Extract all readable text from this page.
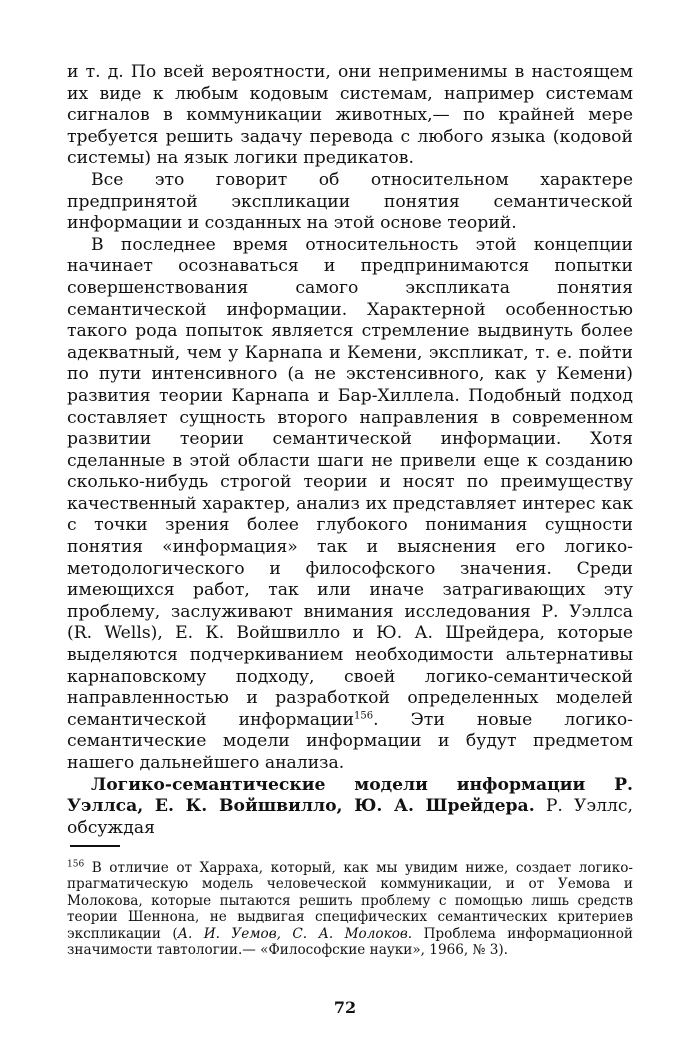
и т. д. По всей вероятности, они неприменимы в настоящем их виде к любым кодовым системам, например системам сигналов в коммуникации животных,— по крайней мере требуется решить задачу перевода с любого языка (кодовой системы) на язык логики предикатов.

Все это говорит об относительном характере предпринятой экспликации понятия семантической информации и созданных на этой основе теорий.

В последнее время относительность этой концепции начинает осознаваться и предпринимаются попытки совершенствования самого экспликата понятия семантической информации. Характерной особенностью такого рода попыток является стремление выдвинуть более адекватный, чем у Карнапа и Кемени, экспликат, т. е. пойти по пути интенсивного (а не экстенсивного, как у Кемени) развития теории Карнапа и Бар-Хиллела. Подобный подход составляет сущность второго направления в современном развитии теории семантической информации. Хотя сделанные в этой области шаги не привели еще к созданию сколько-нибудь строгой теории и носят по преимуществу качественный характер, анализ их представляет интерес как с точки зрения более глубокого понимания сущности понятия «информация» так и выяснения его логико-методологического и философского значения. Среди имеющихся работ, так или иначе затрагивающих эту проблему, заслуживают внимания исследования Р. Уэллса (R. Wells), Е. К. Войшвилло и Ю. А. Шрейдера, которые выделяются подчеркиванием необходимости альтернативы карнаповскому подходу, своей логико-семантической направленностью и разработкой определенных моделей семантической информации$^{156}$. Эти новые логико-семантические модели информации и будут предметом нашего дальнейшего анализа.

Логико-семантические модели информации Р. Уэллса, Е. К. Войшвилло, Ю. А. Шрейдера. Р. Уэллс, обсуждая

$^{156}$ В отличие от Харраха, который, как мы увидим ниже, создает логико-прагматическую модель человеческой коммуникации, и от Уемова и Молокова, которые пытаются решить проблему с помощью лишь средств теории Шеннона, не выдвигая специфических семантических критериев экспликации (А. И. Уемов, С. А. Молоков. Проблема информационной значимости тавтологии.— «Философские науки», 1966, № 3).
72
